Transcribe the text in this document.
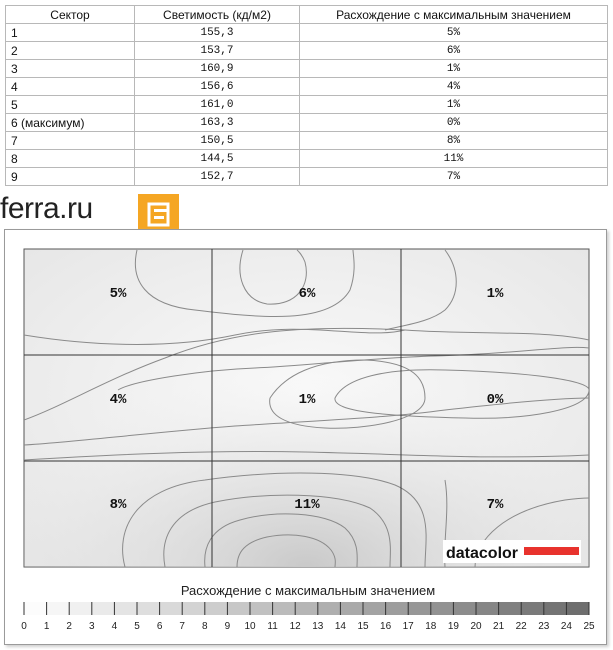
Сектор	Светимость (кд/м2)	Расхождение с максимальным значением
1	155,3	5%
2	153,7	6%
3	160,9	1%
4	156,6	4%
5	161,0	1%
6 (максимум)	163,3	0%
7	150,5	8%
8	144,5	11%
9	152,7	7%
ferra.ru
5%	6%	1%
4%	1%	0%
8%	11%	7%
datacolor
Расхождение с максимальным значением
0 1 2 3 4 5 6 7 8 9 10 11 12 13 14 15 16 17 18 19 20 21 22 23 24 25
